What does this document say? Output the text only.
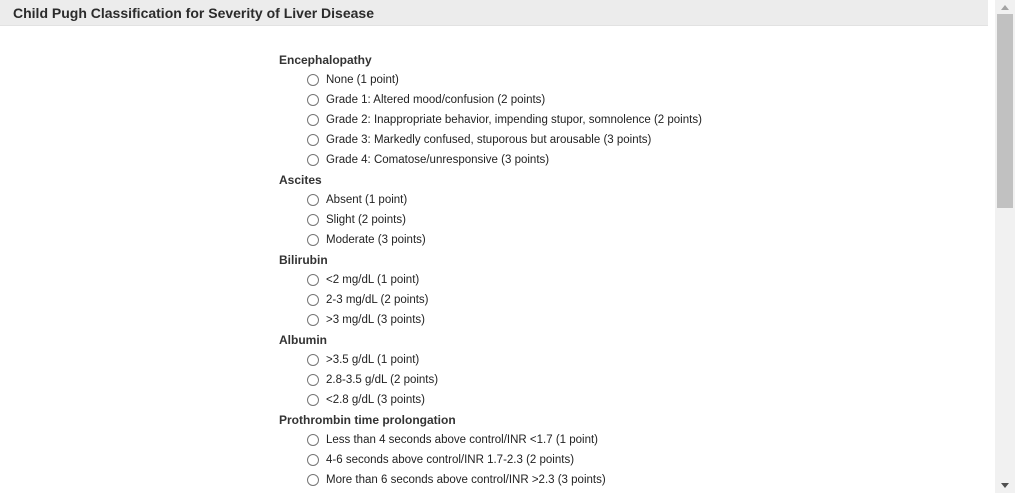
Child Pugh Classification for Severity of Liver Disease
Encephalopathy
None (1 point)
Grade 1: Altered mood/confusion (2 points)
Grade 2: Inappropriate behavior, impending stupor, somnolence (2 points)
Grade 3: Markedly confused, stuporous but arousable (3 points)
Grade 4: Comatose/unresponsive (3 points)
Ascites
Absent (1 point)
Slight (2 points)
Moderate (3 points)
Bilirubin
<2 mg/dL (1 point)
2-3 mg/dL (2 points)
>3 mg/dL (3 points)
Albumin
>3.5 g/dL (1 point)
2.8-3.5 g/dL (2 points)
<2.8 g/dL (3 points)
Prothrombin time prolongation
Less than 4 seconds above control/INR <1.7 (1 point)
4-6 seconds above control/INR 1.7-2.3 (2 points)
More than 6 seconds above control/INR >2.3 (3 points)
